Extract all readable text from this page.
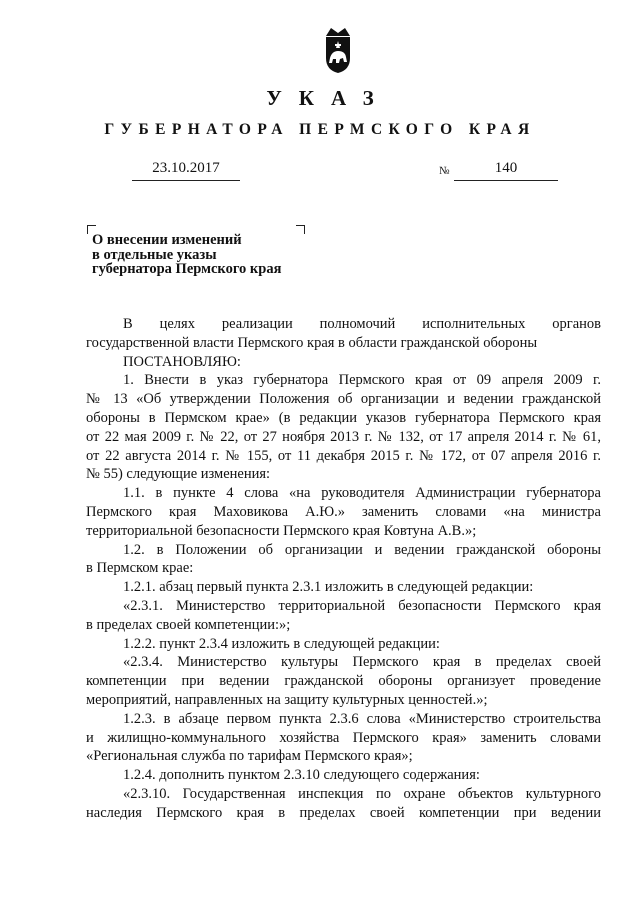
УКАЗ
ГУБЕРНАТОРА ПЕРМСКОГО КРАЯ
23.10.2017	№	140
О внесении изменений
в отдельные указы
губернатора Пермского края

В целях реализации полномочий исполнительных органов

государственной власти Пермского края в области гражданской обороны

ПОСТАНОВЛЯЮ:

1. Внести в указ губернатора Пермского края от 09 апреля 2009 г.

№ 13 «Об утверждении Положения об организации и ведении гражданской

обороны в Пермском крае» (в редакции указов губернатора Пермского края

от 22 мая 2009 г. № 22, от 27 ноября 2013 г. № 132, от 17 апреля 2014 г. № 61,

от 22 августа 2014 г. № 155, от 11 декабря 2015 г. № 172, от 07 апреля 2016 г.

№ 55) следующие изменения:

1.1. в пункте 4 слова «на руководителя Администрации губернатора

Пермского края Маховикова А.Ю.» заменить словами «на министра

территориальной безопасности Пермского края Ковтуна А.В.»;

1.2. в Положении об организации и ведении гражданской обороны

в Пермском крае:

1.2.1. абзац первый пункта 2.3.1 изложить в следующей редакции:

«2.3.1. Министерство территориальной безопасности Пермского края

в пределах своей компетенции:»;

1.2.2. пункт 2.3.4 изложить в следующей редакции:

«2.3.4. Министерство культуры Пермского края в пределах своей

компетенции при ведении гражданской обороны организует проведение

мероприятий, направленных на защиту культурных ценностей.»;

1.2.3. в абзаце первом пункта 2.3.6 слова «Министерство строительства

и жилищно-коммунального хозяйства Пермского края» заменить словами

«Региональная служба по тарифам Пермского края»;

1.2.4. дополнить пунктом 2.3.10 следующего содержания:

«2.3.10. Государственная инспекция по охране объектов культурного

наследия Пермского края в пределах своей компетенции при ведении
